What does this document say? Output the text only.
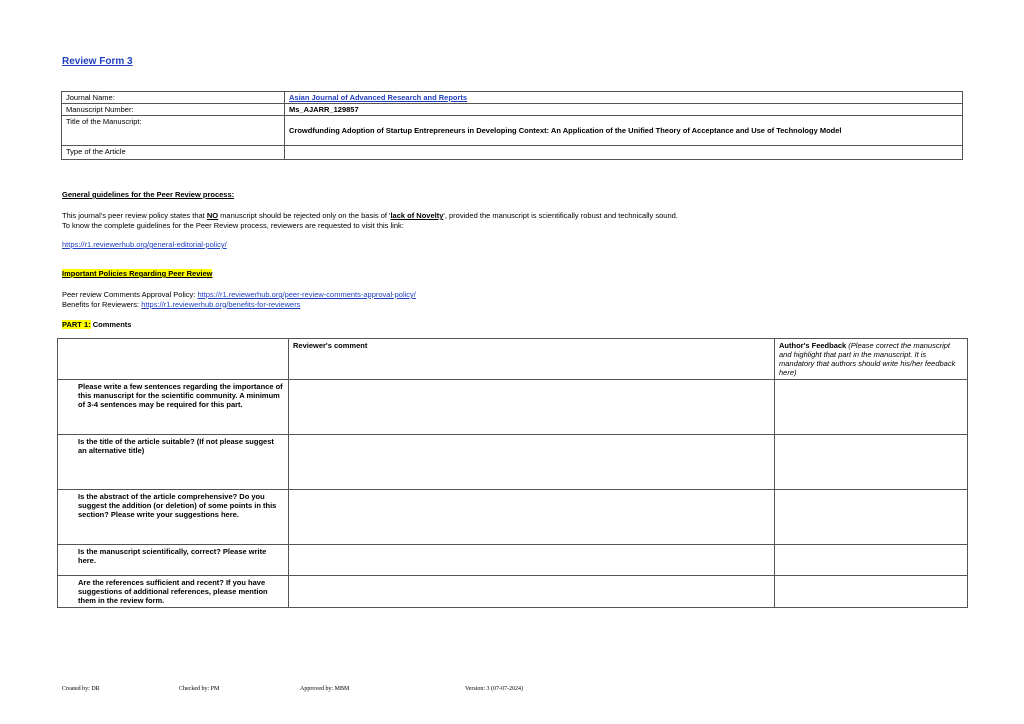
Review Form 3
Journal Name:	Asian Journal of Advanced Research and Reports
Manuscript Number:	Ms_AJARR_129857
Title of the Manuscript:	Crowdfunding Adoption of Startup Entrepreneurs in Developing Context: An Application of the Unified Theory of Acceptance and Use of Technology Model
Type of the Article	
General guidelines for the Peer Review process:
This journal's peer review policy states that NO manuscript should be rejected only on the basis of 'lack of Novelty', provided the manuscript is scientifically robust and technically sound.
To know the complete guidelines for the Peer Review process, reviewers are requested to visit this link:
https://r1.reviewerhub.org/general-editorial-policy/
Important Policies Regarding Peer Review
Peer review Comments Approval Policy: https://r1.reviewerhub.org/peer-review-comments-approval-policy/
Benefits for Reviewers: https://r1.reviewerhub.org/benefits-for-reviewers
PART 1: Comments
	Reviewer's comment	Author's Feedback (Please correct the manuscript and highlight that part in the manuscript. It is mandatory that authors should write his/her feedback here)
Please write a few sentences regarding the importance of this manuscript for the scientific community. A minimum of 3-4 sentences may be required for this part.		
Is the title of the article suitable? (If not please suggest an alternative title)		
Is the abstract of the article comprehensive? Do you suggest the addition (or deletion) of some points in this section? Please write your suggestions here.		
Is the manuscript scientifically, correct? Please write here.		
Are the references sufficient and recent? If you have suggestions of additional references, please mention them in the review form.		
Created by: DR	Checked by: PM	Approved by: MBM	Version: 3 (07-07-2024)
